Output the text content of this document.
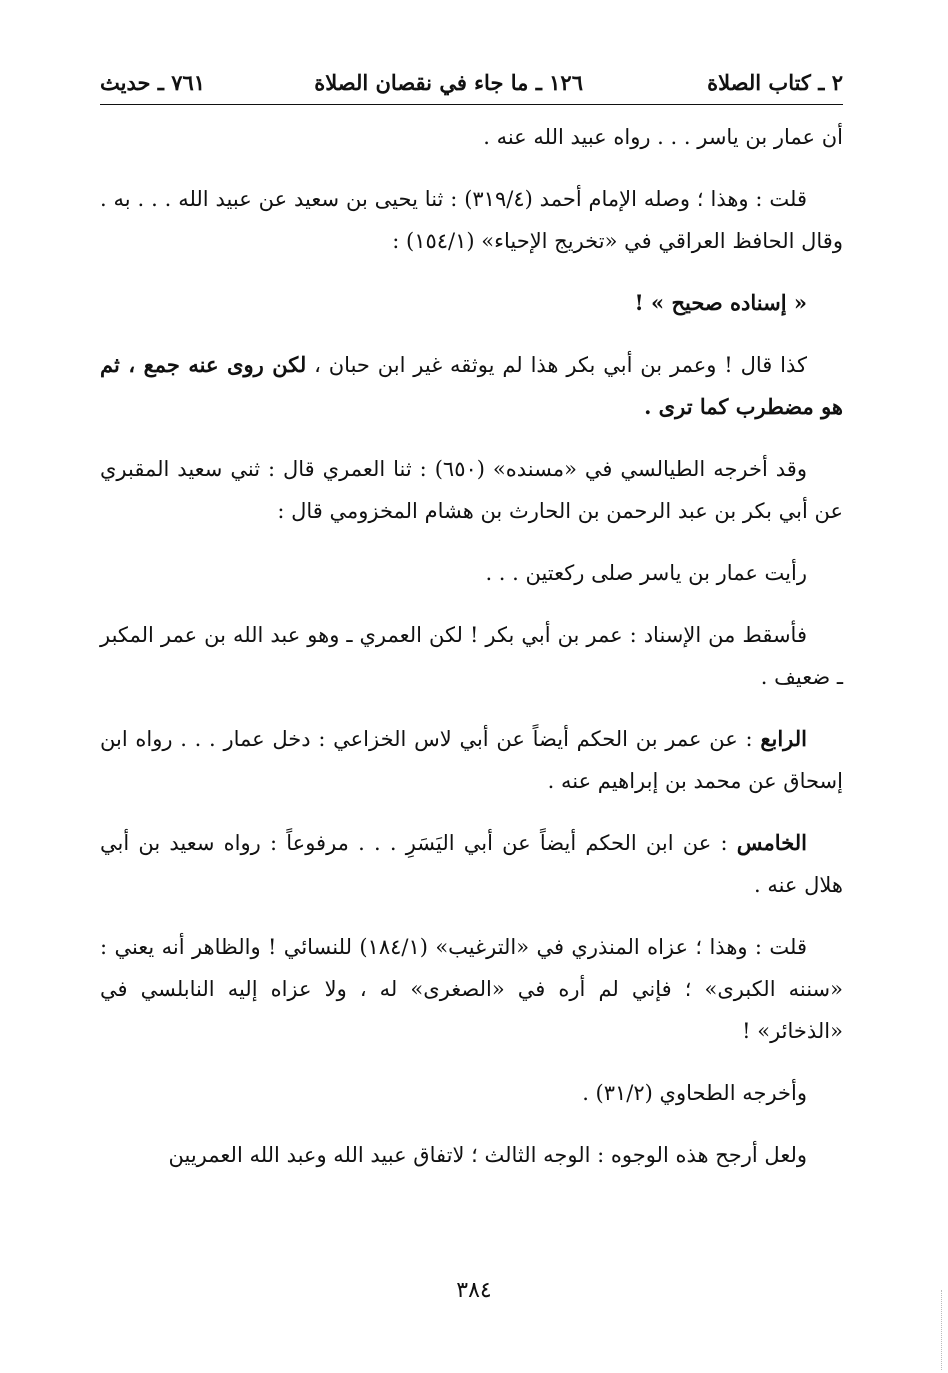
٢ ـ كتاب الصلاة
١٢٦ ـ ما جاء في نقصان الصلاة
٧٦١ ـ حديث

أن عمار بن ياسر . . . رواه عبيد الله عنه .

قلت : وهذا ؛ وصله الإمام أحمد (٣١٩/٤) : ثنا يحيى بن سعيد عن عبيد الله . . . به . وقال الحافظ العراقي في «تخريج الإحياء» (١٥٤/١) :

« إسناده صحيح » !

كذا قال ! وعمر بن أبي بكر هذا لم يوثقه غير ابن حبان ، لكن روى عنه جمع ، ثم هو مضطرب كما ترى .

وقد أخرجه الطيالسي في «مسنده» (٦٥٠) : ثنا العمري قال : ثني سعيد المقبري عن أبي بكر بن عبد الرحمن بن الحارث بن هشام المخزومي قال :

رأيت عمار بن ياسر صلى ركعتين . . .

فأسقط من الإسناد : عمر بن أبي بكر ! لكن العمري ـ وهو عبد الله بن عمر المكبر ـ ضعيف .

الرابع : عن عمر بن الحكم أيضاً عن أبي لاس الخزاعي : دخل عمار . . . رواه ابن إسحاق عن محمد بن إبراهيم عنه .

الخامس : عن ابن الحكم أيضاً عن أبي اليَسَرِ . . . مرفوعاً : رواه سعيد بن أبي هلال عنه .

قلت : وهذا ؛ عزاه المنذري في «الترغيب» (١٨٤/١) للنسائي ! والظاهر أنه يعني : «سننه الكبرى» ؛ فإني لم أره في «الصغرى» له ، ولا عزاه إليه النابلسي في «الذخائر» !

وأخرجه الطحاوي (٣١/٢) .

ولعل أرجح هذه الوجوه : الوجه الثالث ؛ لاتفاق عبيد الله وعبد الله العمريين

٣٨٤
